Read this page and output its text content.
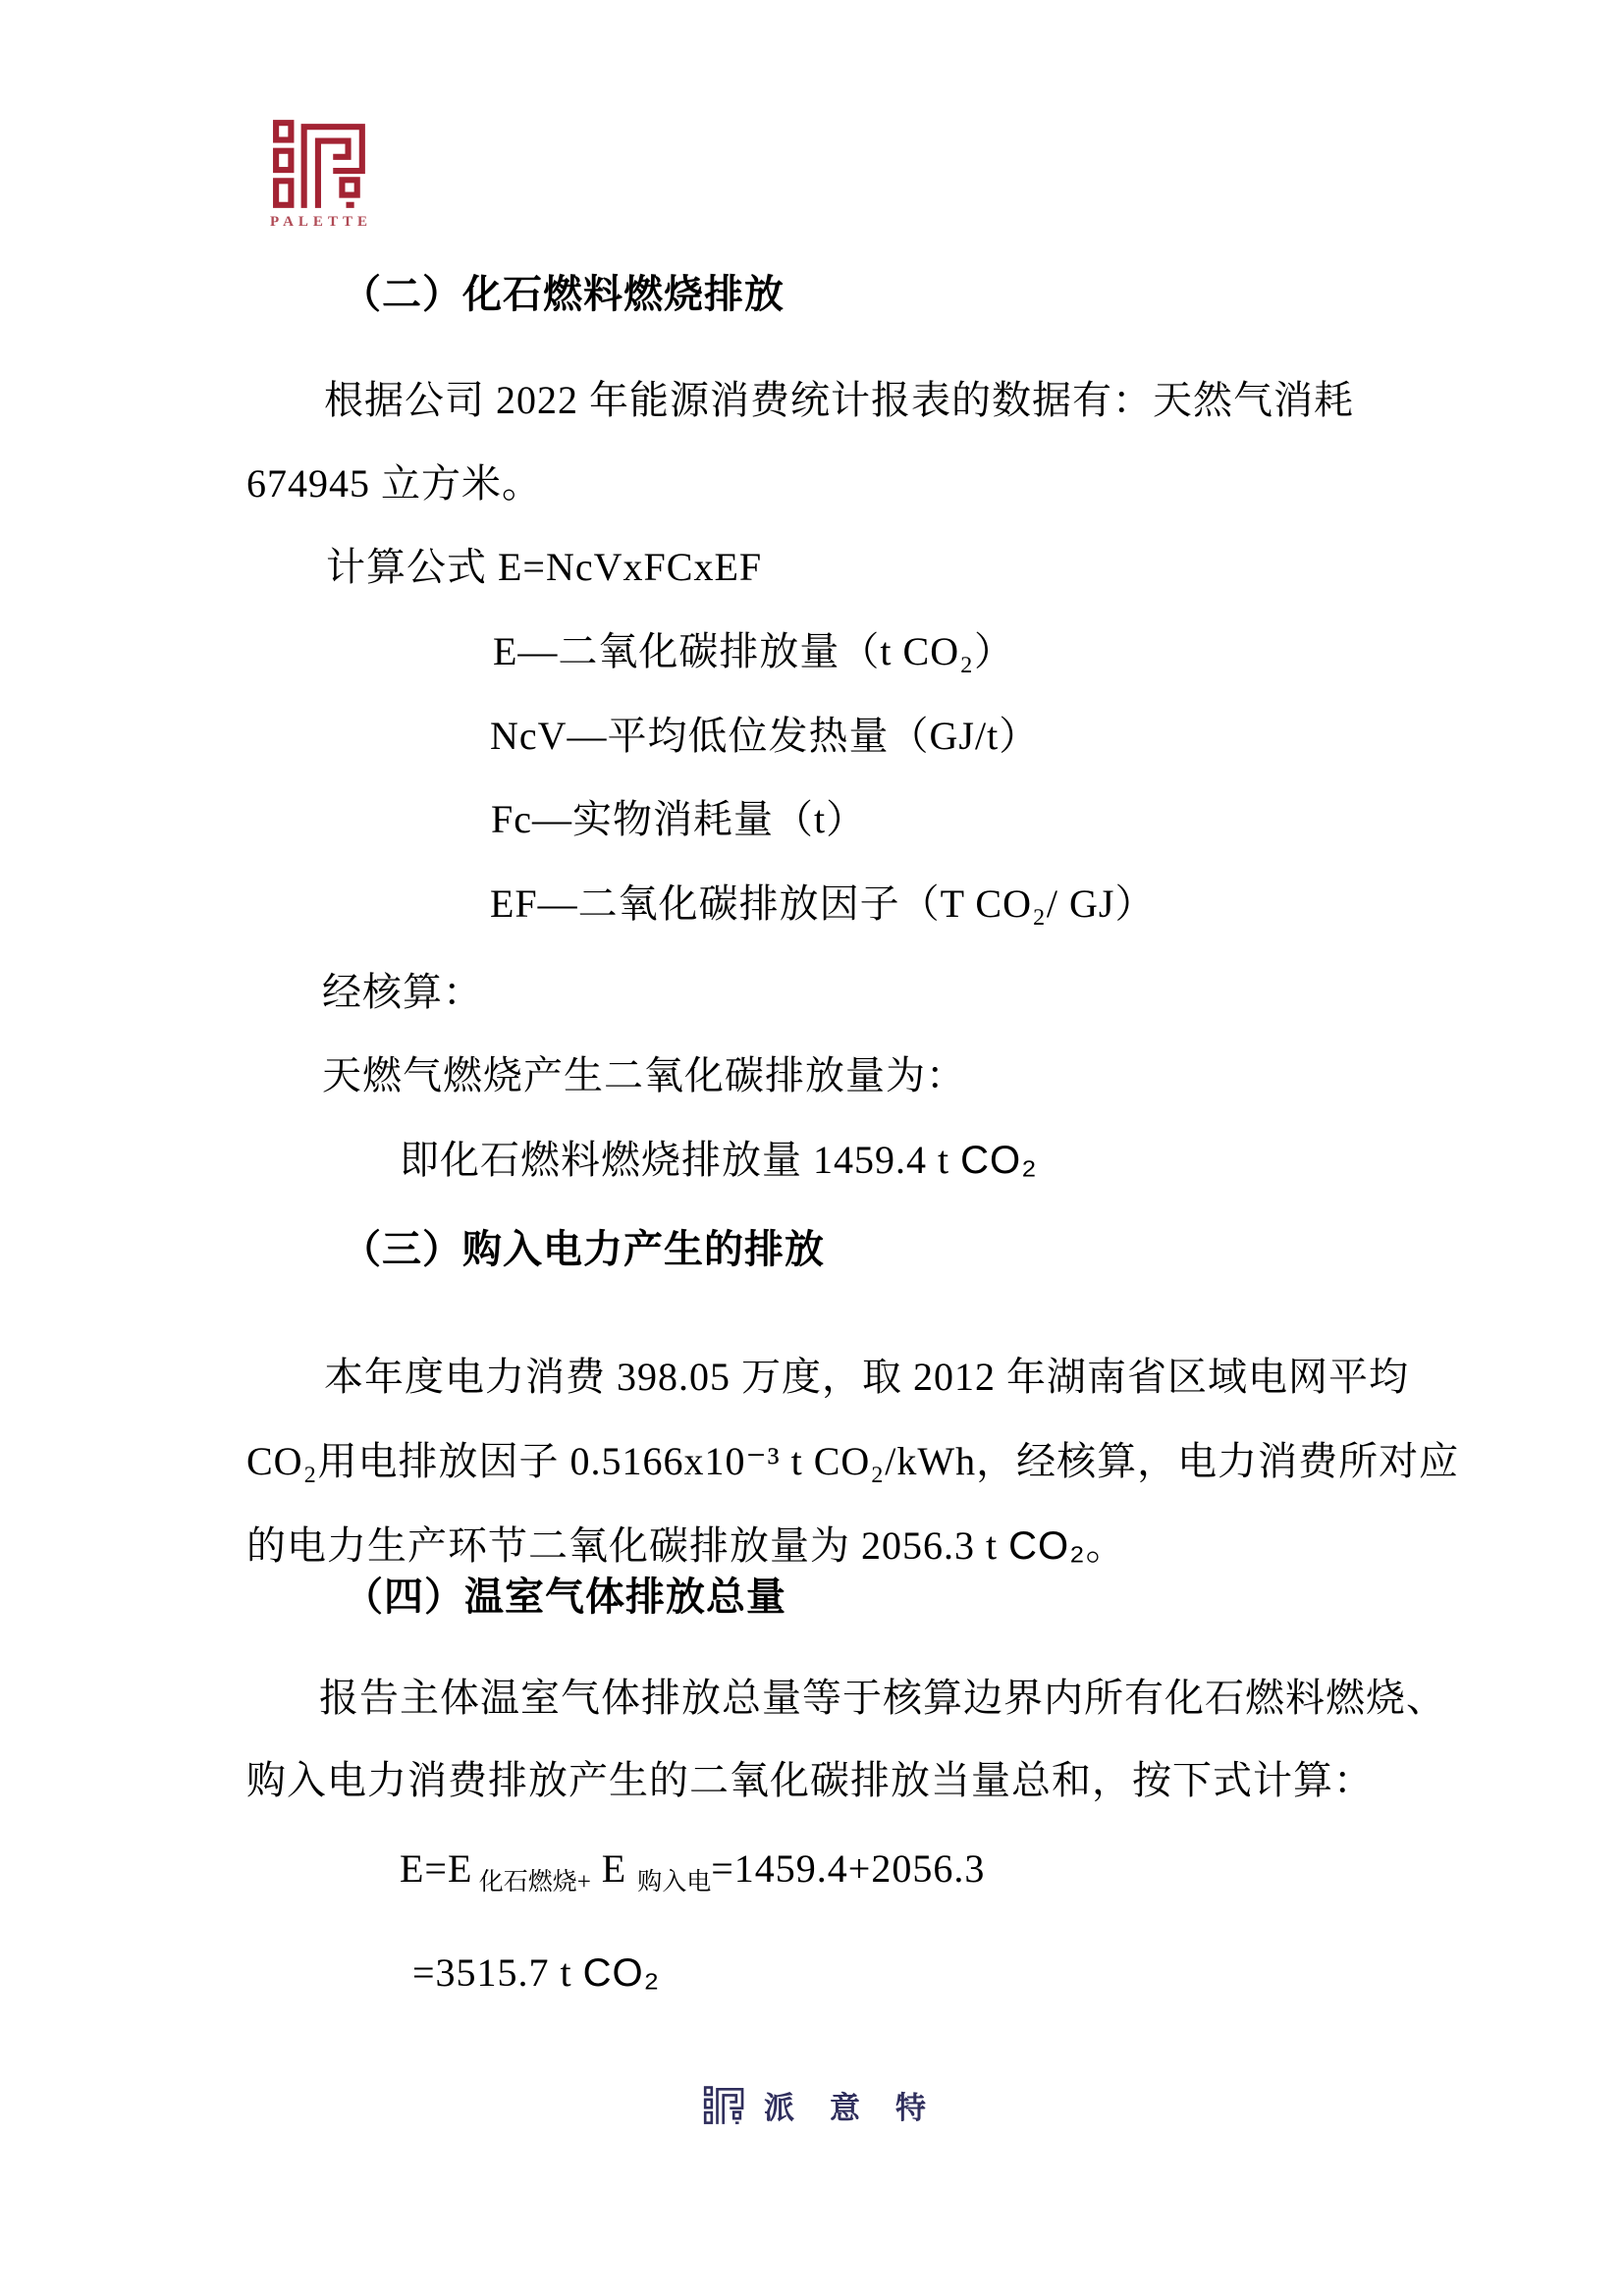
PALETTE
（二）化石燃料燃烧排放
根据公司 2022 年能源消费统计报表的数据有：天然气消耗
674945 立方米。
计算公式 E=NcVxFCxEF
E—二氧化碳排放量（t CO₂）
NcV—平均低位发热量（GJ/t）
Fc—实物消耗量（t）
EF—二氧化碳排放因子（T CO₂/ GJ）
经核算：
天燃气燃烧产生二氧化碳排放量为：
即化石燃料燃烧排放量 1459.4 t CO₂
（三）购入电力产生的排放
本年度电力消费 398.05 万度，取 2012 年湖南省区域电网平均
CO₂用电排放因子 0.5166x10⁻³ t CO₂/kWh，经核算，电力消费所对应
的电力生产环节二氧化碳排放量为 2056.3 t CO₂。
（四）温室气体排放总量
报告主体温室气体排放总量等于核算边界内所有化石燃料燃烧、
购入电力消费排放产生的二氧化碳排放当量总和，按下式计算：
E=E $_{化石燃烧+}$ E $_{购入电}$=1459.4+2056.3
=3515.7 t CO₂
派意特
